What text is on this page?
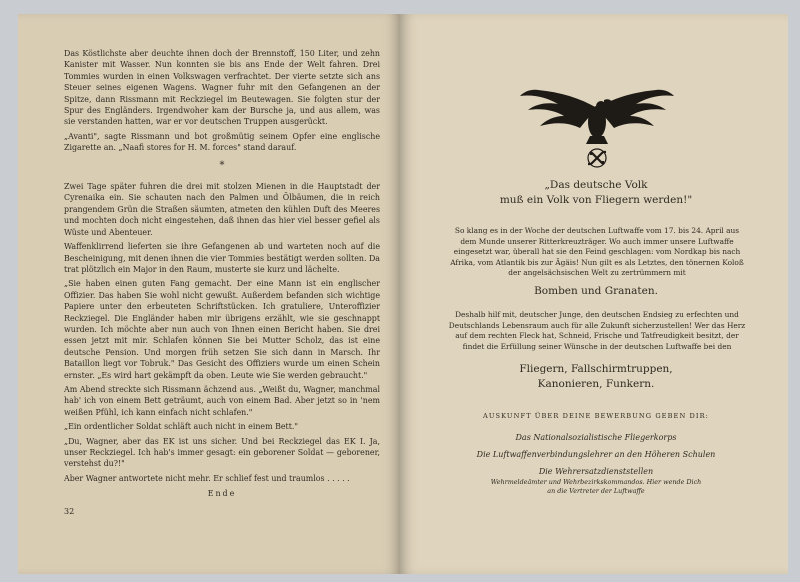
Das Köstlichste aber deuchte ihnen doch der Brennstoff, 150 Liter, und zehn Kanister mit Wasser. Nun konnten sie bis ans Ende der Welt fahren. Drei Tommies wurden in einen Volkswagen verfrachtet. Der vierte setzte sich ans Steuer seines eigenen Wagens. Wagner fuhr mit den Gefangenen an der Spitze, dann Rissmann mit Reckziegel im Beutewagen. Sie folgten stur der Spur des Engländers. Irgendwoher kam der Bursche ja, und aus allem, was sie verstanden hatten, war er vor deutschen Truppen ausgerückt.

„Avanti", sagte Rissmann und bot großmütig seinem Opfer eine englische Zigarette an. „Naafi stores for H. M. forces" stand darauf.

*

Zwei Tage später fuhren die drei mit stolzen Mienen in die Hauptstadt der Cyrenaika ein. Sie schauten nach den Palmen und Ölbäumen, die in reich prangendem Grün die Straßen säumten, atmeten den kühlen Duft des Meeres und mochten doch nicht eingestehen, daß ihnen das hier viel besser gefiel als Wüste und Abenteuer.

Waffenklirrend lieferten sie ihre Gefangenen ab und warteten noch auf die Bescheinigung, mit denen ihnen die vier Tommies bestätigt werden sollten. Da trat plötzlich ein Major in den Raum, musterte sie kurz und lächelte.

„Sie haben einen guten Fang gemacht. Der eine Mann ist ein englischer Offizier. Das haben Sie wohl nicht gewußt. Außerdem befanden sich wichtige Papiere unter den erbeuteten Schriftstücken. Ich gratuliere, Unteroffizier Reckziegel. Die Engländer haben mir übrigens erzählt, wie sie geschnappt wurden. Ich möchte aber nun auch von Ihnen einen Bericht haben. Sie drei essen jetzt mit mir. Schlafen können Sie bei Mutter Scholz, das ist eine deutsche Pension. Und morgen früh setzen Sie sich dann in Marsch. Ihr Bataillon liegt vor Tobruk." Das Gesicht des Offiziers wurde um einen Schein ernster. „Es wird hart gekämpft da oben. Leute wie Sie werden gebraucht."

Am Abend streckte sich Rissmann ächzend aus. „Weißt du, Wagner, manchmal hab' ich von einem Bett geträumt, auch von einem Bad. Aber jetzt so in 'nem weißen Pfühl, ich kann einfach nicht schlafen."

„Ein ordentlicher Soldat schläft auch nicht in einem Bett."

„Du, Wagner, aber das EK ist uns sicher. Und bei Reckziegel das EK I. Ja, unser Reckziegel. Ich hab's immer gesagt: ein geborener Soldat — geborener, verstehst du?!"

Aber Wagner antwortete nicht mehr. Er schlief fest und traumlos . . . . .

Ende
32
„Das deutsche Volk
muß ein Volk von Fliegern werden!"
So klang es in der Woche der deutschen Luftwaffe vom 17. bis 24. April aus dem Munde unserer Ritterkreuzträger. Wo auch immer unsere Luftwaffe eingesetzt war, überall hat sie den Feind geschlagen: vom Nordkap bis nach Afrika, vom Atlantik bis zur Ägäis! Nun gilt es als Letztes, den tönernen Koloß der angelsächsischen Welt zu zertrümmern mit
Bomben und Granaten.
Deshalb hilf mit, deutscher Junge, den deutschen Endsieg zu erfechten und Deutschlands Lebensraum auch für alle Zukunft sicherzustellen! Wer das Herz auf dem rechten Fleck hat, Schneid, Frische und Tatfreudigkeit besitzt, der findet die Erfüllung seiner Wünsche in der deutschen Luftwaffe bei den
Fliegern, Fallschirmtruppen,
Kanonieren, Funkern.
AUSKUNFT ÜBER DEINE BEWERBUNG GEBEN DIR:
Das Nationalsozialistische Fliegerkorps
Die Luftwaffenverbindungslehrer an den Höheren Schulen
Die Wehrersatzdienststellen
Wehrmeldeämter und Wehrbezirkskommandos. Hier wende Dich
an die Vertreter der Luftwaffe
